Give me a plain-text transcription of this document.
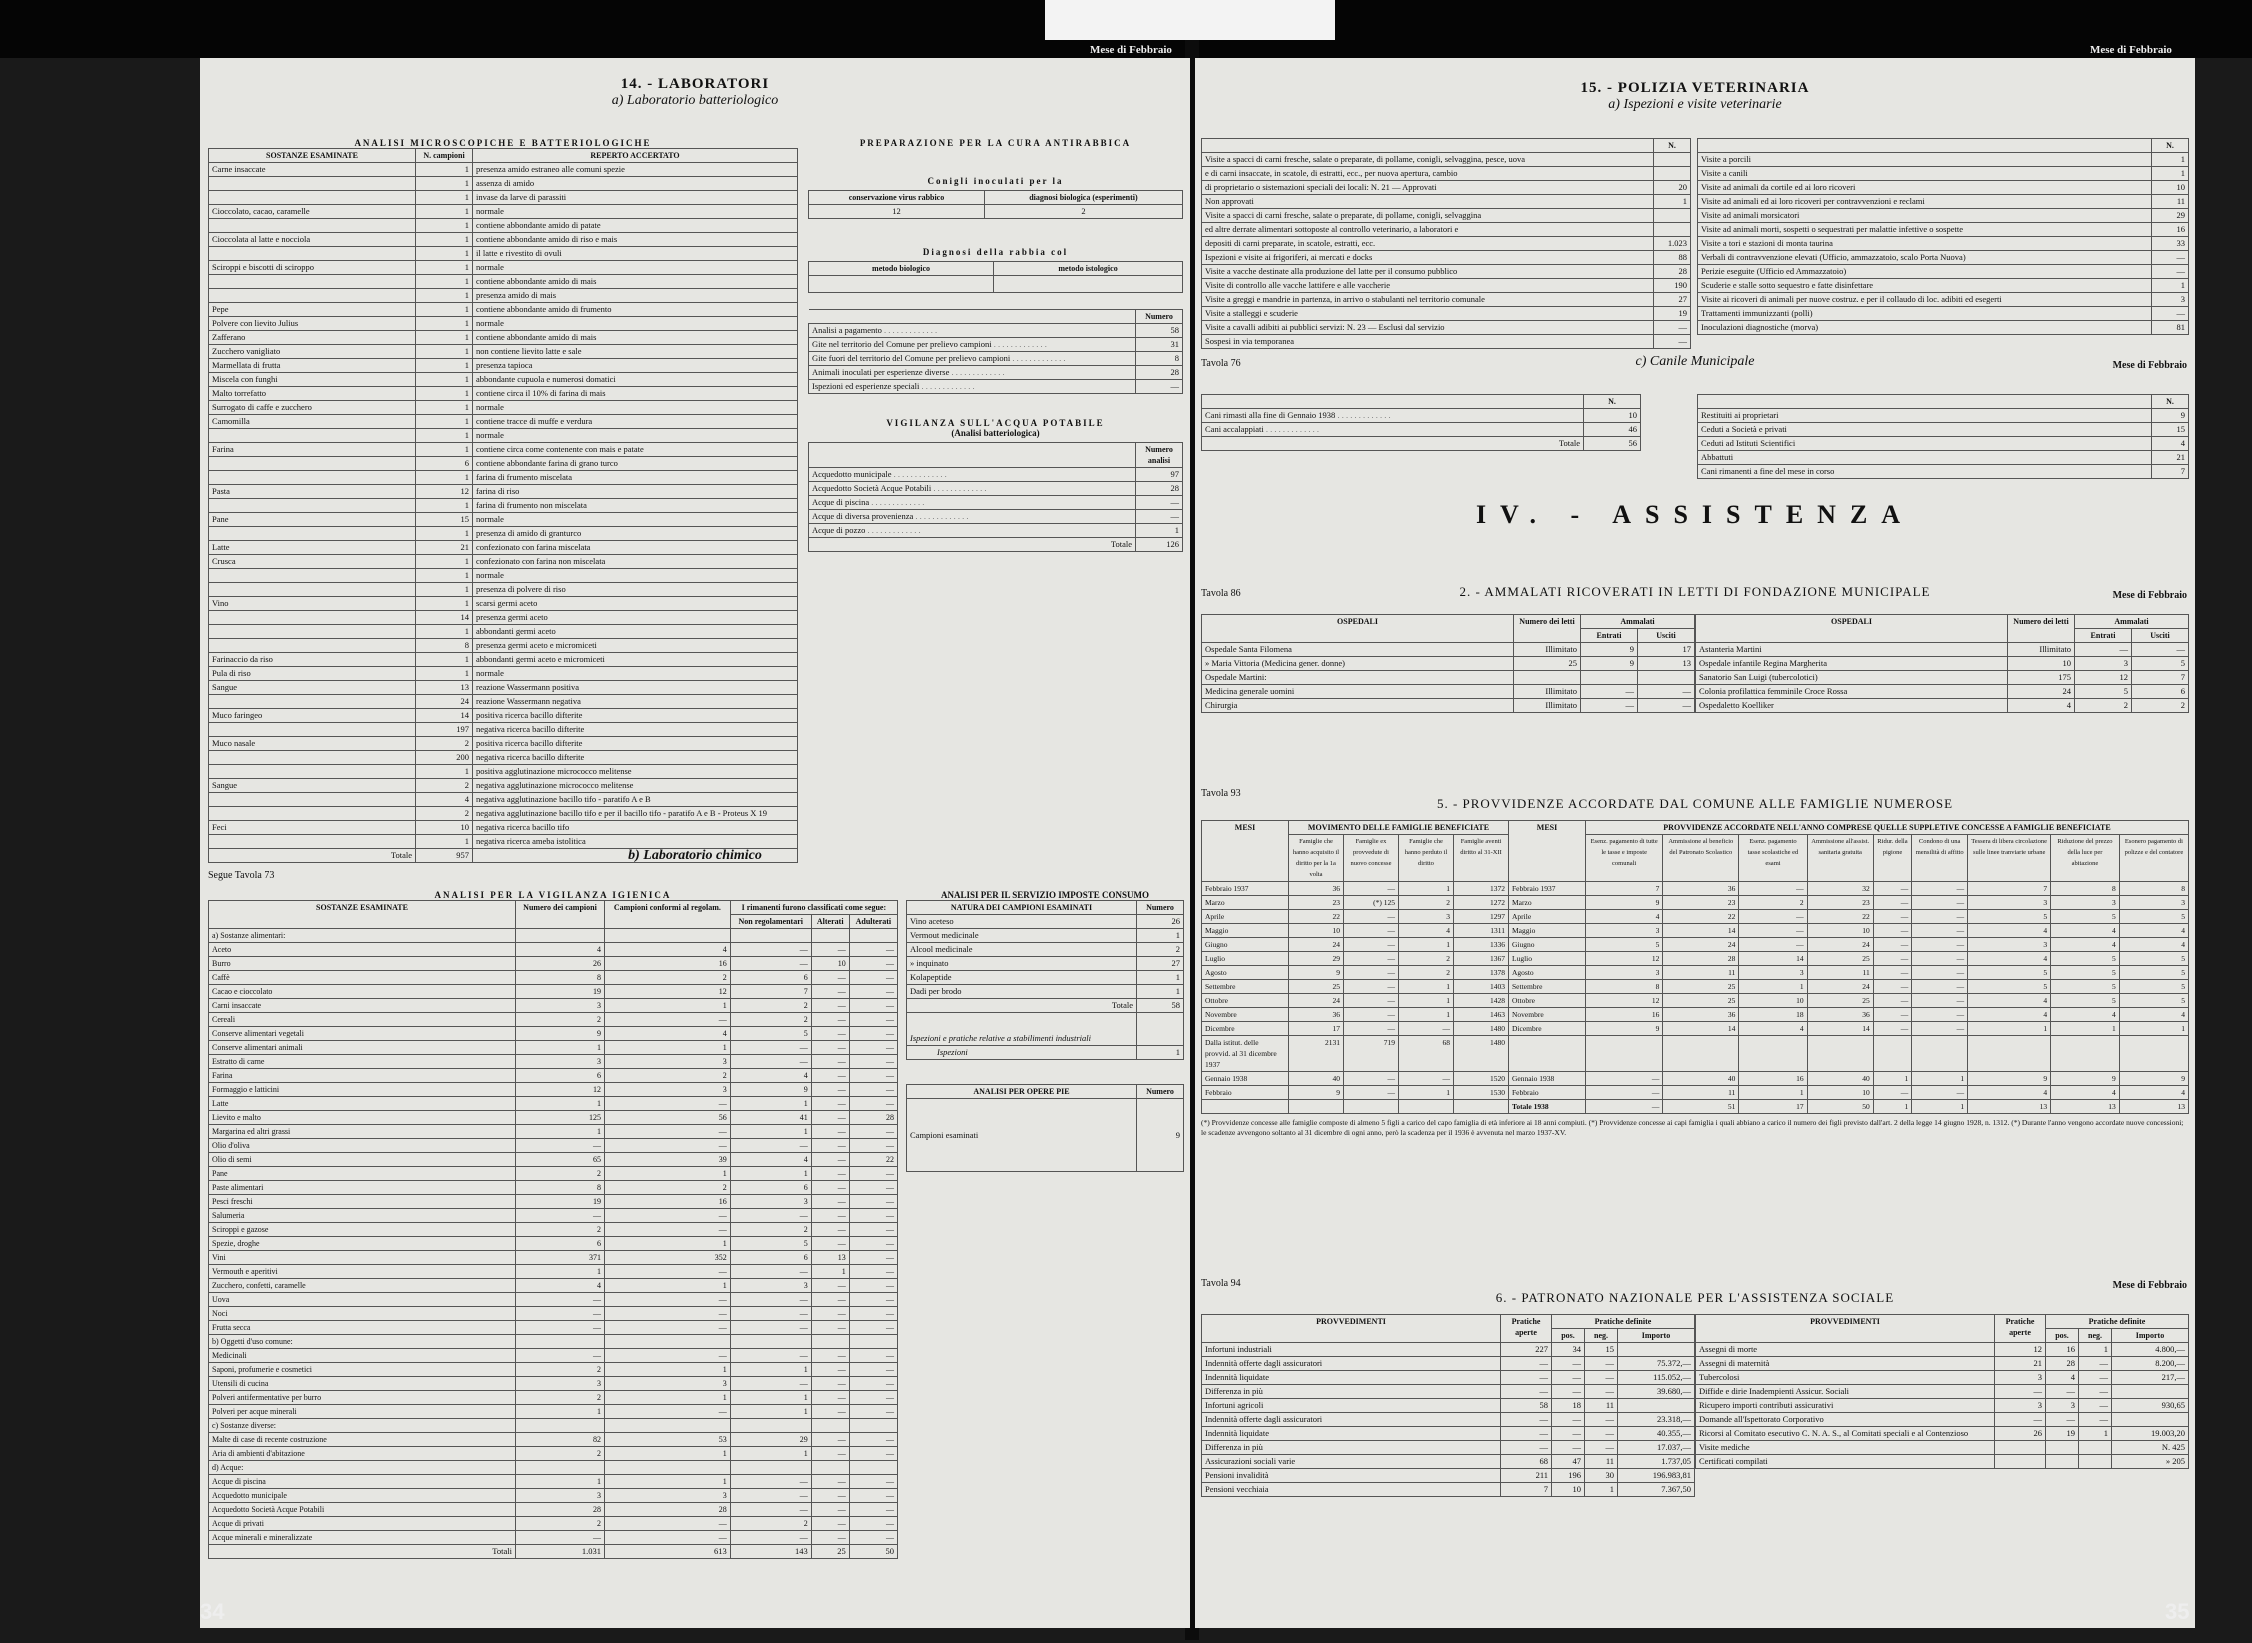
Mese di Febbraio	Mese di Febbraio
14. - LABORATORI
a) Laboratorio batteriologico
ANALISI MICROSCOPICHE E BATTERIOLOGICHE
SOSTANZE ESAMINATE	N. campioni	REPERTO ACCERTATO
Carne insaccate	1	presenza amido estraneo alle comuni spezie
	1	assenza di amido
	1	invase da larve di parassiti
Cioccolato, cacao, caramelle	1	normale
	1	contiene abbondante amido di patate
Cioccolata al latte e nocciola	1	contiene abbondante amido di riso e mais
	1	il latte e rivestito di ovuli
Sciroppi e biscotti di sciroppo	1	normale
	1	contiene abbondante amido di mais
	1	presenza amido di mais
Pepe	1	contiene abbondante amido di frumento
Polvere con lievito Julius	1	normale
Zafferano	1	contiene abbondante amido di mais
Zucchero vanigliato	1	non contiene lievito latte e sale
Marmellata di frutta	1	presenza tapioca
Miscela con funghi	1	abbondante cupuola e numerosi domatici
Malto torrefatto	1	contiene circa il 10% di farina di mais
Surrogato di caffe e zucchero	1	normale
Camomilla	1	contiene tracce di muffe e verdura
	1	normale
Farina	1	contiene circa come contenente con mais e patate
	6	contiene abbondante farina di grano turco
	1	farina di frumento miscelata
Pasta	12	farina di riso
	1	farina di frumento non miscelata
Pane	15	normale
	1	presenza di amido di granturco
Latte	21	confezionato con farina miscelata
Crusca	1	confezionato con farina non miscelata
	1	normale
	1	presenza di polvere di riso
Vino	1	scarsi germi aceto
	14	presenza germi aceto
	1	abbondanti germi aceto
	8	presenza germi aceto e micromiceti
Farinaccio da riso	1	abbondanti germi aceto e micromiceti
Pula di riso	1	normale
Sangue	13	reazione Wassermann positiva
	24	reazione Wassermann negativa
Muco faringeo	14	positiva ricerca bacillo difterite
	197	negativa ricerca bacillo difterite
Muco nasale	2	positiva ricerca bacillo difterite
	200	negativa ricerca bacillo difterite
	1	positiva agglutinazione micrococco melitense
Sangue	2	negativa agglutinazione micrococco melitense
	4	negativa agglutinazione bacillo tifo - paratifo A e B
	2	negativa agglutinazione bacillo tifo e per il bacillo tifo - paratifo A e B - Proteus X 19
Feci	10	negativa ricerca bacillo tifo
	1	negativa ricerca ameba istolitica
Totale	957	
PREPARAZIONE PER LA CURA ANTIRABBICA
Conigli inoculati per la
conservazione virus rabbico	diagnosi biologica (esperimenti)
12	2
Diagnosi della rabbia col
metodo biologico	metodo istologico

	Numero
Analisi a pagamento . . .	58
Gite nel territorio del Comune per prelievo campioni . . .	31
Gite fuori del territorio del Comune per prelievo campioni . . .	8
Animali inoculati per esperienze diverse . . .	28
Ispezioni ed esperienze speciali . . .	—
VIGILANZA SULL'ACQUA POTABILE
(Analisi batteriologica)
	Numero analisi
Acquedotto municipale . . .	97
Acquedotto Società Acque Potabili . . .	28
Acque di piscina . . .	—
Acque di diversa provenienza . . .	—
Acque di pozzo . . .	1
Totale	126
b) Laboratorio chimico
Segue Tavola 73
ANALISI PER LA VIGILANZA IGIENICA
SOSTANZE ESAMINATE	Numero dei campioni	Campioni conformi al regolam.	I rimanenti furono classificati come segue:		
			Non regolamentari	Alterati	Adulterati
a) Sostanze alimentari:					
Aceto	4	4	—	—	—
Burro	26	16	—	10	—
Caffè	8	2	6	—	—
Cacao e cioccolato	19	12	7	—	—
Carni insaccate	3	1	2	—	—
Cereali	2	—	2	—	—
Conserve alimentari vegetali	9	4	5	—	—
Conserve alimentari animali	1	1	—	—	—
Estratto di carne	3	3	—	—	—
Farina	6	2	4	—	—
Formaggio e latticini	12	3	9	—	—
Latte	1	—	1	—	—
Lievito e malto	125	56	41	—	28
Margarina ed altri grassi	1	—	1	—	—
Olio d'oliva	—	—	—	—	—
Olio di semi	65	39	4	—	22
Pane	2	1	1	—	—
Paste alimentari	8	2	6	—	—
Pesci freschi	19	16	3	—	—
Salumeria	—	—	—	—	—
Sciroppi e gazose	2	—	2	—	—
Spezie, droghe	6	1	5	—	—
Vini	371	352	6	13	—
Vermouth e aperitivi	1	—	—	1	—
Zucchero, confetti, caramelle	4	1	3	—	—
Uova	—	—	—	—	—
Noci	—	—	—	—	—
Frutta secca	—	—	—	—	—
b) Oggetti d'uso comune:					
Medicinali	—	—	—	—	—
Saponi, profumerie e cosmetici	2	1	1	—	—
Utensili di cucina	3	3	—	—	—
Polveri antifermentative per burro	2	1	1	—	—
Polveri per acque minerali	1	—	1	—	—
c) Sostanze diverse:					
Malte di case di recente costruzione	82	53	29	—	—
Aria di ambienti d'abitazione	2	1	1	—	—
d) Acque:					
Acque di piscina	1	1	—	—	—
Acquedotto municipale	3	3	—	—	—
Acquedotto Società Acque Potabili	28	28	—	—	—
Acque di privati	2	—	2	—	—
Acque minerali e mineralizzate	—	—	—	—	—
Totali	1.031	613	143	25	50
ANALISI PER IL SERVIZIO IMPOSTE CONSUMO
NATURA DEI CAMPIONI ESAMINATI	Numero
Vino aceteso	26
Vermout medicinale	1
Alcool medicinale	2
» inquinato	27
Kolapeptide	1
Dadi per brodo	1
Totale	58
Ispezioni e pratiche relative a stabilimenti industriali	
Ispezioni	1
ANALISI PER OPERE PIE	Numero
Campioni esaminati	9
34
15. - POLIZIA VETERINARIA
a) Ispezioni e visite veterinarie
	N.
Visite a spacci di carni fresche, salate o preparate, di pollame, conigli, selvaggina, pesce, uova	
e di carni insaccate, in scatole, di estratti, ecc., per nuova apertura, cambio	
di proprietario o sistemazioni speciali dei locali: N. 21 — Approvati	20
Non approvati	1
Visite a spacci di carni fresche, salate o preparate, di pollame, conigli, selvaggina	
ed altre derrate alimentari sottoposte al controllo veterinario, a laboratori e	
depositi di carni preparate, in scatole, estratti, ecc.	1.023
Ispezioni e visite ai frigoriferi, ai mercati e docks	88
Visite a vacche destinate alla produzione del latte per il consumo pubblico	28
Visite di controllo alle vacche lattifere e alle vaccherie	190
Visite a greggi e mandrie in partenza, in arrivo o stabulanti nel territorio comunale	27
Visite a stalleggi e scuderie	19
Visite a cavalli adibiti ai pubblici servizi: N. 23 — Esclusi dal servizio	—
Sospesi in via temporanea	—
	N.
Visite a porcili	1
Visite a canili	1
Visite ad animali da cortile ed ai loro ricoveri	10
Visite ad animali ed ai loro ricoveri per contravvenzioni e reclami	11
Visite ad animali morsicatori	29
Visite ad animali morti, sospetti o sequestrati per malattie infettive o sospette	16
Visite a tori e stazioni di monta taurina	33
Verbali di contravvenzione elevati (Ufficio, ammazzatoio, scalo Porta Nuova)	—
Perizie eseguite (Ufficio ed Ammazzatoio)	—
Scuderie e stalle sotto sequestro e fatte disinfettare	1
Visite ai ricoveri di animali per nuove costruz. e per il collaudo di loc. adibiti ed esegerti	3
Trattamenti immunizzanti (polli)	—
Inoculazioni diagnostiche (morva)	81
Tavola 76	c) Canile Municipale	Mese di Febbraio
	N.
Cani rimasti alla fine di Gennaio 1938 . . .	10
Cani accalappiati . . .	46
Totale	56
	N.
Restituiti ai proprietari	9
Ceduti a Società e privati	15
Ceduti ad Istituti Scientifici	4
Abbattuti	21
Cani rimanenti a fine del mese in corso	7
IV. - ASSISTENZA
Tavola 86	2. - AMMALATI RICOVERATI IN LETTI DI FONDAZIONE MUNICIPALE	Mese di Febbraio
OSPEDALI	Numero dei letti	Ammalati	
		Entrati	Usciti
Ospedale Santa Filomena	Illimitato	9	17
» Maria Vittoria (Medicina gener. donne)	25	9	13
Ospedale Martini:			
Medicina generale uomini	Illimitato	—	—
Chirurgia	Illimitato	—	—
OSPEDALI	Numero dei letti	Ammalati	
		Entrati	Usciti
Astanteria Martini	Illimitato	—	—
Ospedale infantile Regina Margherita	10	3	5
Sanatorio San Luigi (tubercolotici)	175	12	7
Colonia profilattica femminile Croce Rossa	24	5	6
Ospedaletto Koelliker	4	2	2
Tavola 93
5. - PROVVIDENZE ACCORDATE DAL COMUNE ALLE FAMIGLIE NUMEROSE
MESI	MOVIMENTO DELLE FAMIGLIE BENEFICIATE				MESI	PROVVIDENZE ACCORDATE NELL'ANNO COMPRESE QUELLE SUPPLETIVE CONCESSE A FAMIGLIE BENEFICIATE								
	Famiglie che hanno acquisito il diritto per la 1a volta	Famiglie ex provvedute di nuovo concesse	Famiglie che hanno perduto il diritto	Famiglie aventi diritto al 31-XII		Esenz. pagamento di tutte le tasse e imposte comunali	Ammissione al beneficio del Patronato Scolastico	Esenz. pagamento tasse scolastiche ed esami	Ammissione all'assist. sanitaria gratuita	Ridur. della pigione	Condono di una mensilità di affitto	Tessera di libera circolazione sulle linee tranviarie urbane	Riduzione del prezzo della luce per abitazione	Esonero pagamento di polizze e del contatore
Febbraio 1937	36	—	1	1372	Febbraio 1937	7	36	—	32	—	—	7	8	8
Marzo	23	(*) 125	2	1272	Marzo	9	23	2	23	—	—	3	3	3
Aprile	22	—	3	1297	Aprile	4	22	—	22	—	—	5	5	5
Maggio	10	—	4	1311	Maggio	3	14	—	10	—	—	4	4	4
Giugno	24	—	1	1336	Giugno	5	24	—	24	—	—	3	4	4
Luglio	29	—	2	1367	Luglio	12	28	14	25	—	—	4	5	5
Agosto	9	—	2	1378	Agosto	3	11	3	11	—	—	5	5	5
Settembre	25	—	1	1403	Settembre	8	25	1	24	—	—	5	5	5
Ottobre	24	—	1	1428	Ottobre	12	25	10	25	—	—	4	5	5
Novembre	36	—	1	1463	Novembre	16	36	18	36	—	—	4	4	4
Dicembre	17	—	—	1480	Dicembre	9	14	4	14	—	—	1	1	1
Dalla istitut. delle provvid. al 31 dicembre 1937	2131	719	68	1480										
Gennaio 1938	40	—	—	1520	Gennaio 1938	—	40	16	40	1	1	9	9	9
Febbraio	9	—	1	1530	Febbraio	—	11	1	10	—	—	4	4	4
					Totale 1938	—	51	17	50	1	1	13	13	13
(*) Provvidenze concesse alle famiglie composte di almeno 5 figli a carico del capo famiglia di età inferiore ai 18 anni compiuti. (*) Provvidenze concesse ai capi famiglia i quali abbiano a carico il numero dei figli previsto dall'art. 2 della legge 14 giugno 1928, n. 1312. (*) Durante l'anno vengono accordate nuove concessioni; le scadenze avvengono soltanto al 31 dicembre di ogni anno, però la scadenza per il 1936 è avvenuta nel marzo 1937-XV.
Tavola 94
6. - PATRONATO NAZIONALE PER L'ASSISTENZA SOCIALE
Mese di Febbraio
PROVVEDIMENTI	Pratiche aperte	Pratiche definite		
		pos.	neg.	Importo
Infortuni industriali	227	34	15	
Indennità offerte dagli assicuratori	—	—	—	75.372,—
Indennità liquidate	—	—	—	115.052,—
Differenza in più	—	—	—	39.680,—
Infortuni agricoli	58	18	11	
Indennità offerte dagli assicuratori	—	—	—	23.318,—
Indennità liquidate	—	—	—	40.355,—
Differenza in più	—	—	—	17.037,—
Assicurazioni sociali varie	68	47	11	1.737,05
Pensioni invalidità	211	196	30	196.983,81
Pensioni vecchiaia	7	10	1	7.367,50
PROVVEDIMENTI	Pratiche aperte	Pratiche definite		
		pos.	neg.	Importo
Assegni di morte	12	16	1	4.800,—
Assegni di maternità	21	28	—	8.200,—
Tubercolosi	3	4	—	217,—
Diffide e dirie Inadempienti Assicur. Sociali	—	—	—	
Ricupero importi contributi assicurativi	3	3	—	930,65
Domande all'Ispettorato Corporativo	—	—	—	
Ricorsi al Comitato esecutivo C. N. A. S., al Comitati speciali e al Contenzioso	26	19	1	19.003,20
Visite mediche				N. 425
Certificati compilati				» 205
35
